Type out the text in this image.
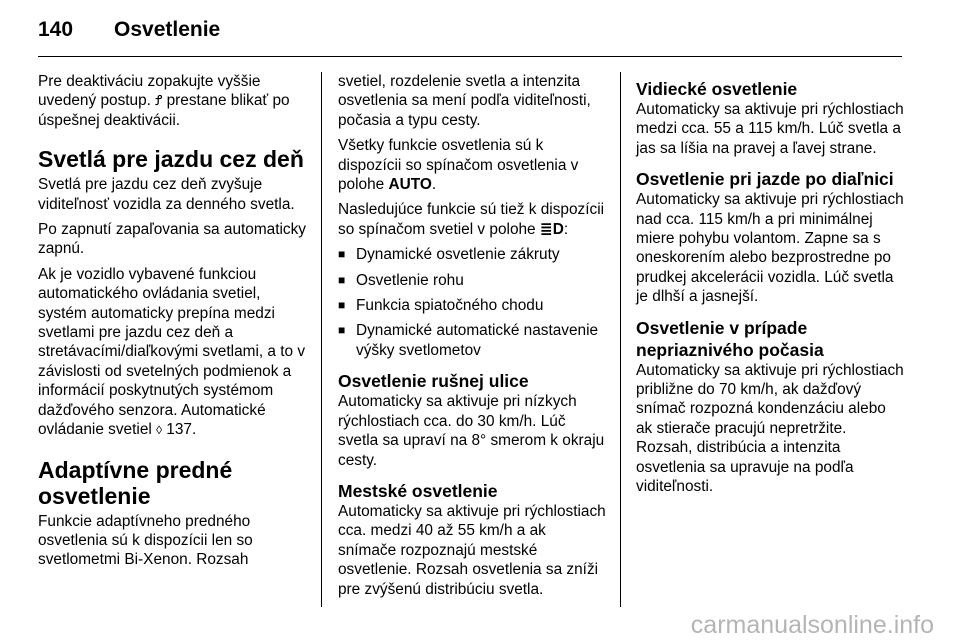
140 Osvetlenie

Pre deaktiváciu zopakujte vyššie uvedený postup. Ꝭ prestane blikať po úspešnej deaktivácii.

Svetlá pre jazdu cez deň

Svetlá pre jazdu cez deň zvyšuje viditeľnosť vozidla za denného svetla.

Po zapnutí zapaľovania sa automaticky zapnú.

Ak je vozidlo vybavené funkciou automatického ovládania svetiel, systém automaticky prepína medzi svetlami pre jazdu cez deň a stretávacími/diaľkovými svetlami, a to v závislosti od svetelných podmienok a informácií poskytnutých systémom dažďového senzora. Automatické ovládanie svetiel ◊ 137.

Adaptívne predné osvetlenie

Funkcie adaptívneho predného osvetlenia sú k dispozícii len so svetlometmi Bi-Xenon. Rozsah

svetiel, rozdelenie svetla a intenzita osvetlenia sa mení podľa viditeľnosti, počasia a typu cesty.

Všetky funkcie osvetlenia sú k dispozícii so spínačom osvetlenia v polohe AUTO.

Nasledujúce funkcie sú tiež k dispozícii so spínačom svetiel v polohe ≣D:

■ Dynamické osvetlenie zákruty
■ Osvetlenie rohu
■ Funkcia spiatočného chodu
■ Dynamické automatické nastavenie výšky svetlometov
Osvetlenie rušnej ulice

Automaticky sa aktivuje pri nízkych rýchlostiach cca. do 30 km/h. Lúč svetla sa upraví na 8° smerom k okraju cesty.

Mestské osvetlenie

Automaticky sa aktivuje pri rýchlostiach cca. medzi 40 až 55 km/h a ak snímače rozpoznajú mestské osvetlenie. Rozsah osvetlenia sa zníži pre zvýšenú distribúciu svetla.

Vidiecké osvetlenie

Automaticky sa aktivuje pri rýchlostiach medzi cca. 55 a 115 km/h. Lúč svetla a jas sa líšia na pravej a ľavej strane.

Osvetlenie pri jazde po diaľnici

Automaticky sa aktivuje pri rýchlostiach nad cca. 115 km/h a pri minimálnej miere pohybu volantom. Zapne sa s oneskorením alebo bezprostredne po prudkej akcelerácii vozidla. Lúč svetla je dlhší a jasnejší.

Osvetlenie v prípade nepriaznivého počasia

Automaticky sa aktivuje pri rýchlostiach približne do 70 km/h, ak dažďový snímač rozpozná kondenzáciu alebo ak stierače pracujú nepretržite. Rozsah, distribúcia a intenzita osvetlenia sa upravuje na podľa viditeľnosti.

carmanualsonline.info
